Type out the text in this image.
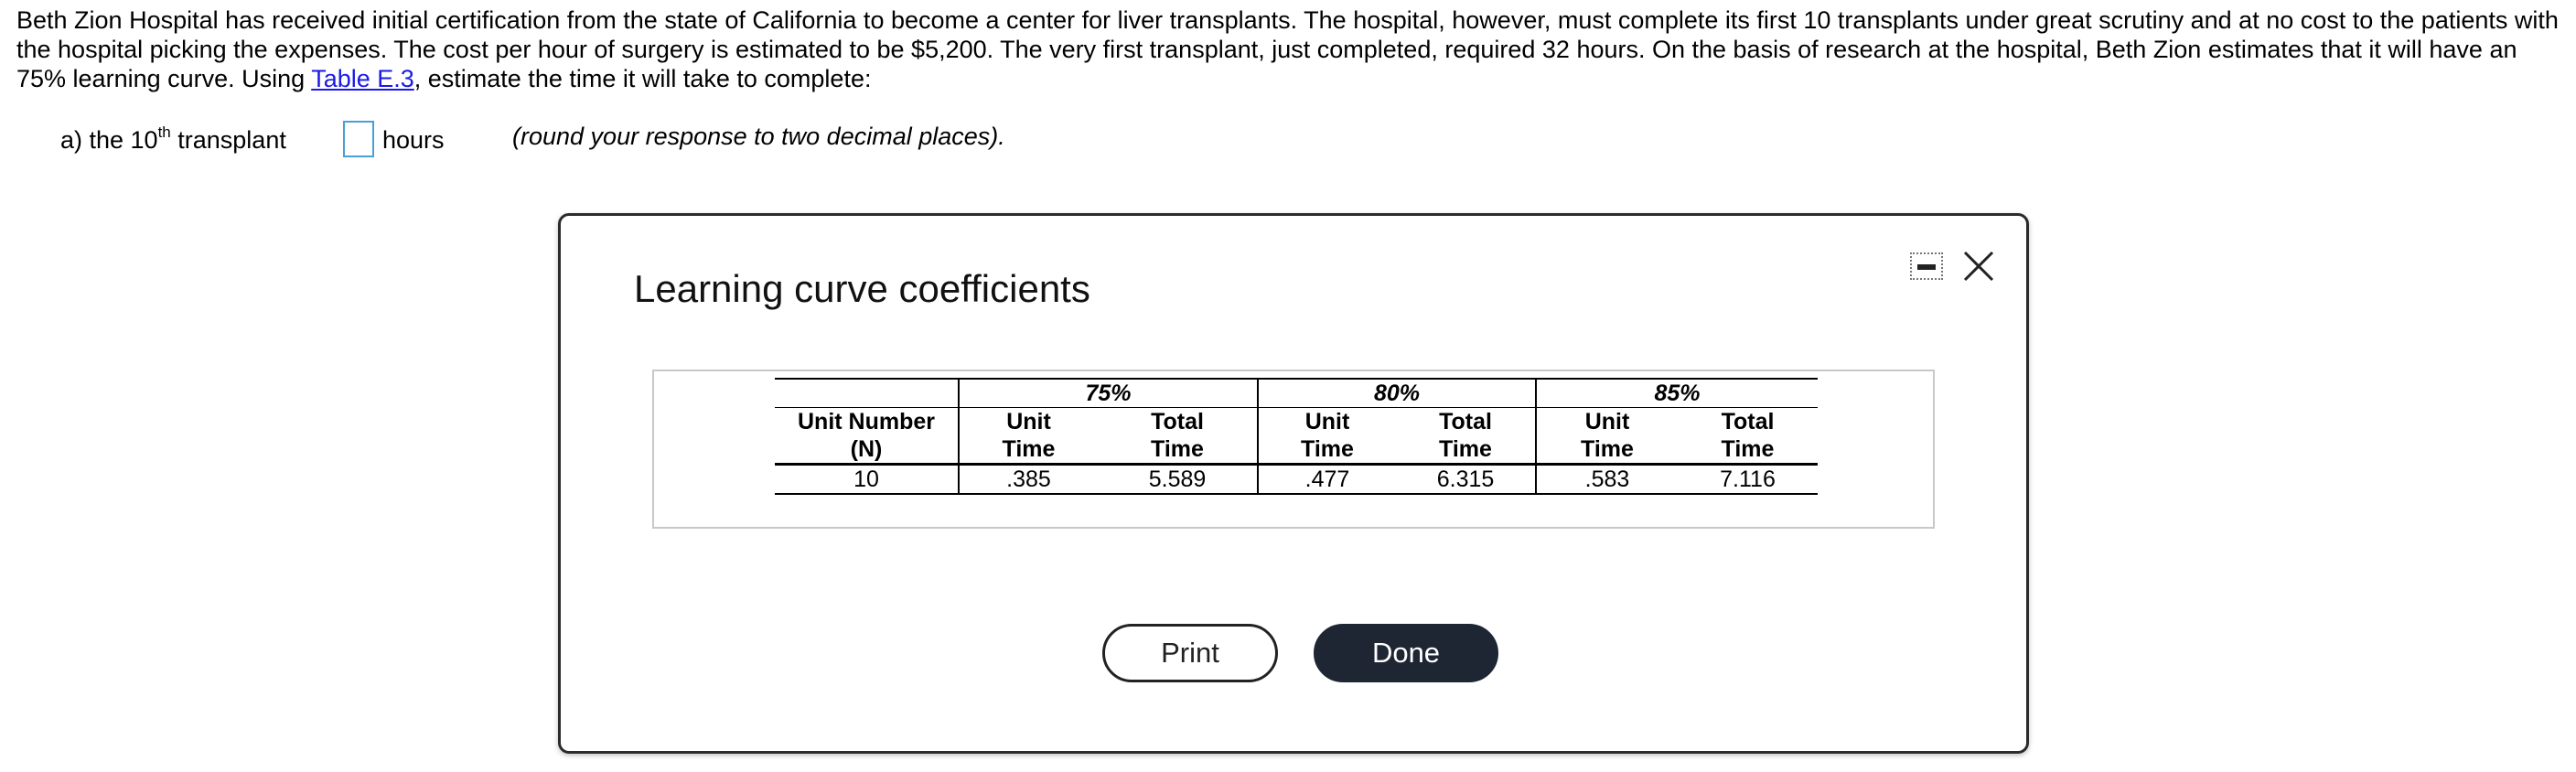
Beth Zion Hospital has received initial certification from the state of California to become a center for liver transplants. The hospital, however, must complete its first 10 transplants under great scrutiny and at no cost to the patients with the hospital picking the expenses. The cost per hour of surgery is estimated to be $5,200. The very first transplant, just completed, required 32 hours. On the basis of research at the hospital, Beth Zion estimates that it will have an 75% learning curve. Using Table E.3, estimate the time it will take to complete:
a) the 10th transplant	hours	(round your response to two decimal places).
Learning curve coefficients
	75%		80%		85%	
Unit Number	Unit	Total	Unit	Total	Unit	Total
(N)	Time	Time	Time	Time	Time	Time
10	.385	5.589	.477	6.315	.583	7.116
Print	Done
